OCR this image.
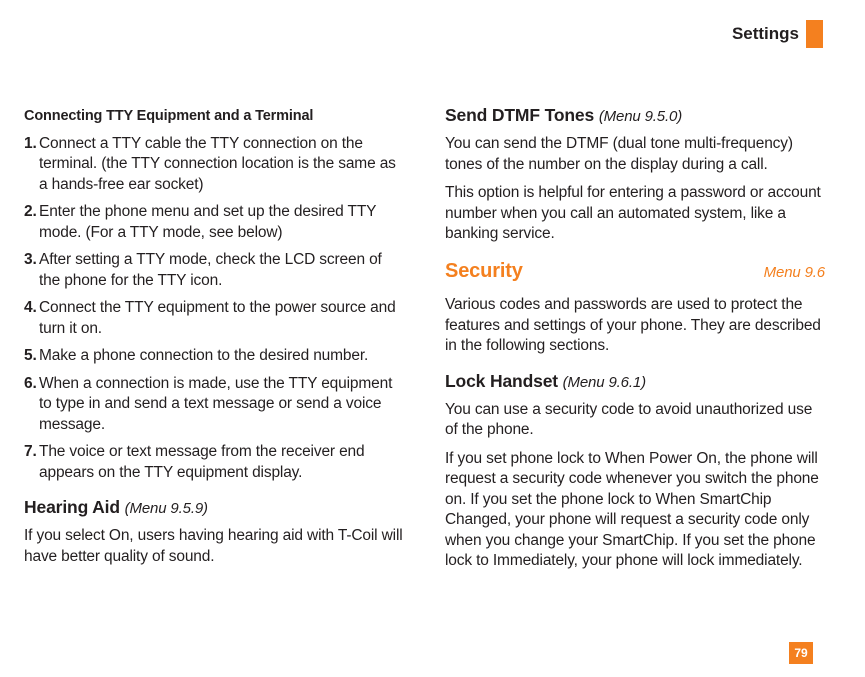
Settings
Connecting TTY Equipment and a Terminal
1. Connect a TTY cable the TTY connection on the terminal. (the TTY connection location is the same as a hands-free ear socket)
2. Enter the phone menu and set up the desired TTY mode. (For a TTY mode, see below)
3. After setting a TTY mode, check the LCD screen of the phone for the TTY icon.
4. Connect the TTY equipment to the power source and turn it on.
5. Make a phone connection to the desired number.
6. When a connection is made, use the TTY equipment to type in and send a text message or send a voice message.
7. The voice or text message from the receiver end appears on the TTY equipment display.
Hearing Aid (Menu 9.5.9)

If you select On, users having hearing aid with T-Coil will have better quality of sound.

Send DTMF Tones (Menu 9.5.0)

You can send the DTMF (dual tone multi-frequency) tones of the number on the display during a call.

This option is helpful for entering a password or account number when you call an automated system, like a banking service.

Security	Menu 9.6

Various codes and passwords are used to protect the features and settings of your phone. They are described in the following sections.

Lock Handset (Menu 9.6.1)

You can use a security code to avoid unauthorized use of the phone.

If you set phone lock to When Power On, the phone will request a security code whenever you switch the phone on. If you set the phone lock to When SmartChip Changed, your phone will request a security code only when you change your SmartChip. If you set the phone lock to Immediately, your phone will lock immediately.

79
